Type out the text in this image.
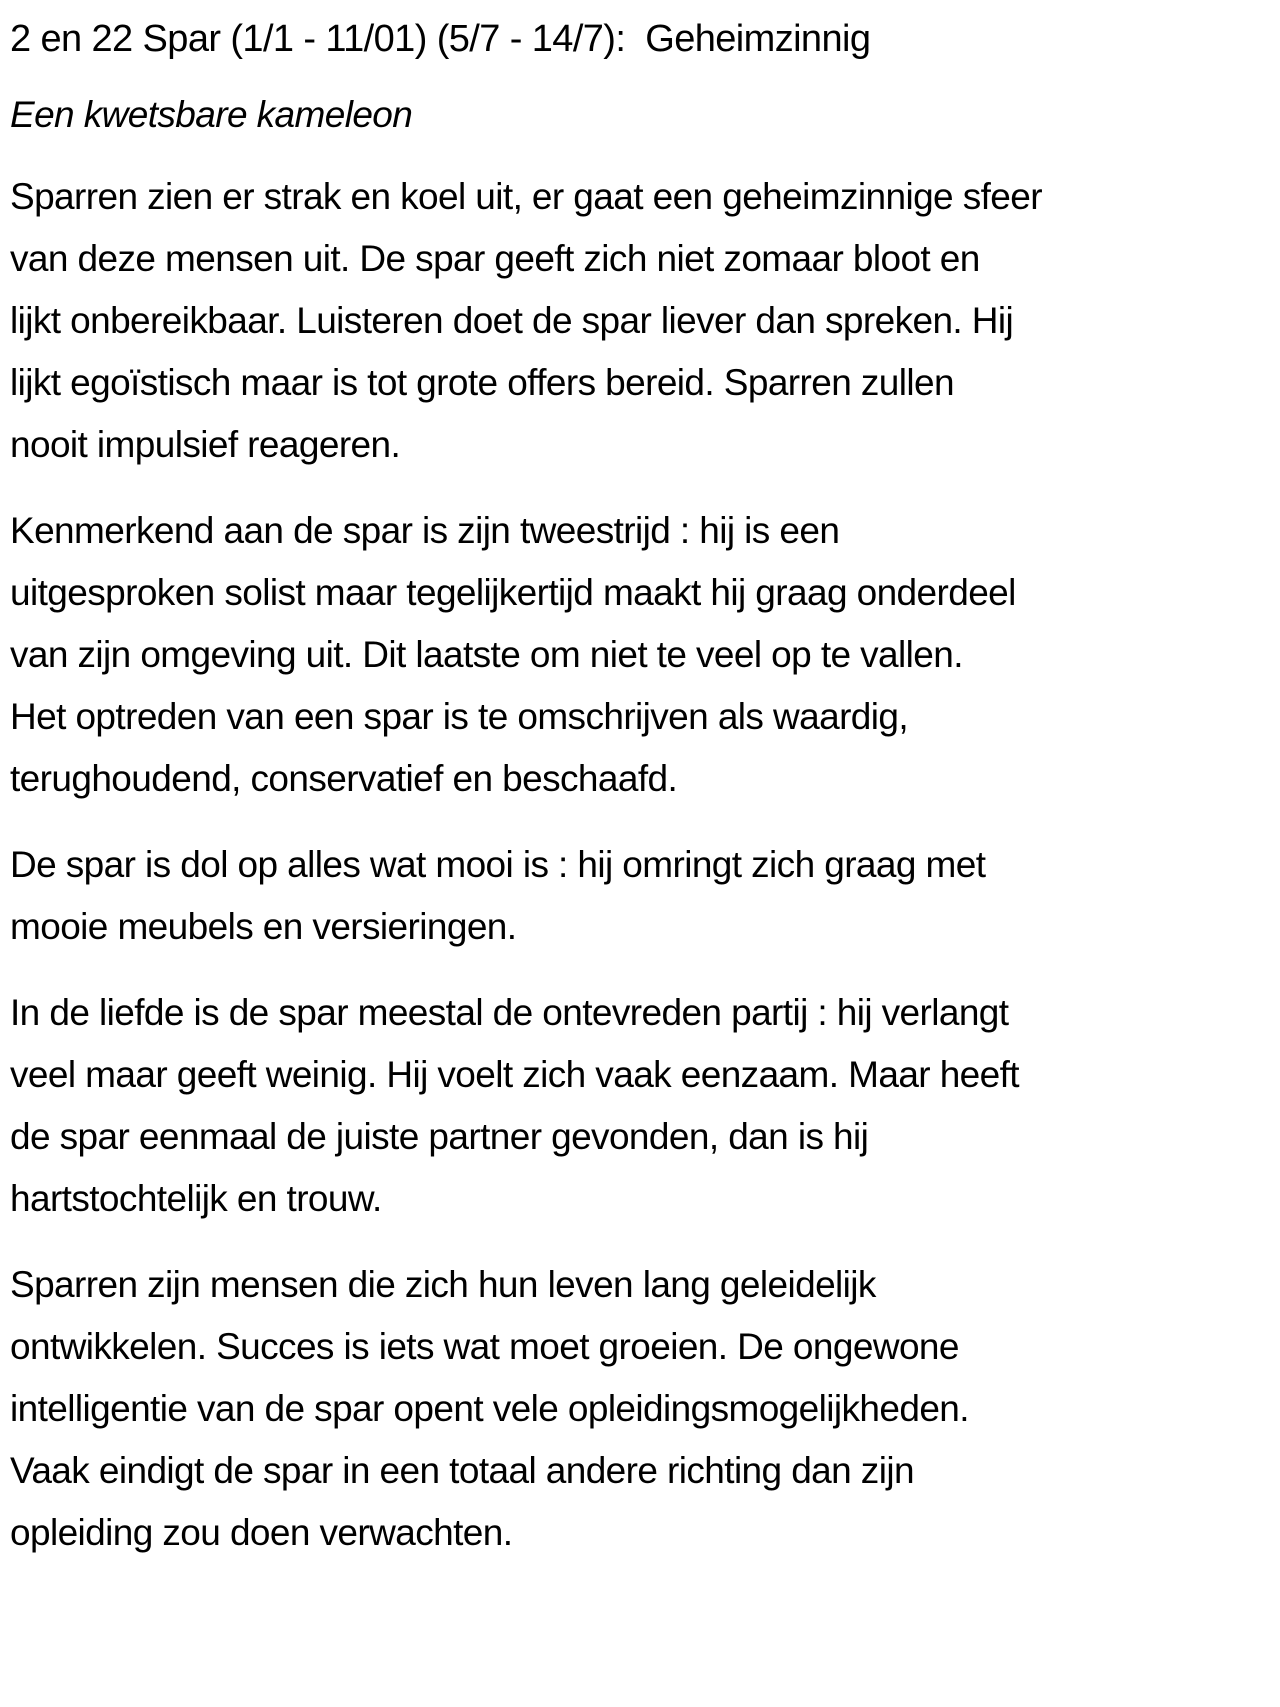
2 en 22 Spar (1/1 - 11/01) (5/7 - 14/7):  Geheimzinnig
Een kwetsbare kameleon
Sparren zien er strak en koel uit, er gaat een geheimzinnige sfeer
van deze mensen uit. De spar geeft zich niet zomaar bloot en
lijkt onbereikbaar. Luisteren doet de spar liever dan spreken. Hij
lijkt egoïstisch maar is tot grote offers bereid. Sparren zullen
nooit impulsief reageren.
Kenmerkend aan de spar is zijn tweestrijd : hij is een
uitgesproken solist maar tegelijkertijd maakt hij graag onderdeel
van zijn omgeving uit. Dit laatste om niet te veel op te vallen.
Het optreden van een spar is te omschrijven als waardig,
terughoudend, conservatief en beschaafd.
De spar is dol op alles wat mooi is : hij omringt zich graag met
mooie meubels en versieringen.
In de liefde is de spar meestal de ontevreden partij : hij verlangt
veel maar geeft weinig. Hij voelt zich vaak eenzaam. Maar heeft
de spar eenmaal de juiste partner gevonden, dan is hij
hartstochtelijk en trouw.
Sparren zijn mensen die zich hun leven lang geleidelijk
ontwikkelen. Succes is iets wat moet groeien. De ongewone
intelligentie van de spar opent vele opleidingsmogelijkheden.
Vaak eindigt de spar in een totaal andere richting dan zijn
opleiding zou doen verwachten.
